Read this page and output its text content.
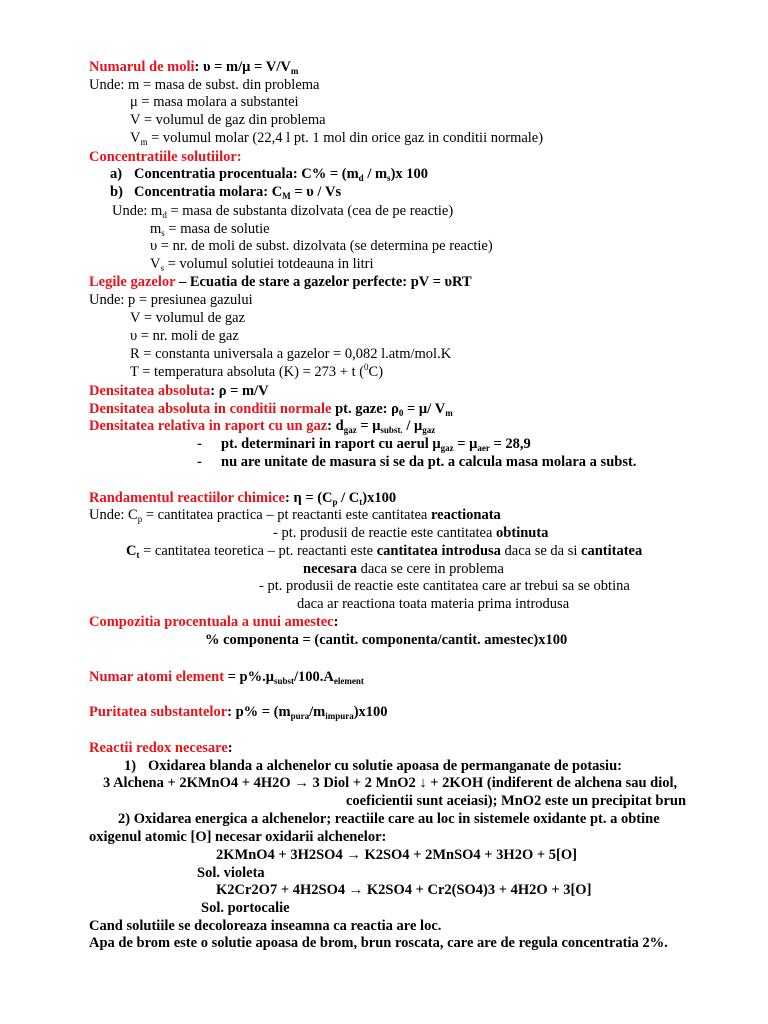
Numarul de moli: $\upsilon = m/\mu = V/V_m$
Unde: m = masa de subst. din problema
μ = masa molara a substantei
V = volumul de gaz din problema
$V_m$ = volumul molar (22,4 l pt. 1 mol din orice gaz in conditii normale)
Concentratiile solutiilor:
a) Concentratia procentuala: $C\% = (m_d / m_s)x$ 100
b) Concentratia molara: $C_M = \upsilon / Vs$
Unde: $m_d$ = masa de substanta dizolvata (cea de pe reactie)
$m_s$ = masa de solutie
υ = nr. de moli de subst. dizolvata (se determina pe reactie)
$V_s$ = volumul solutiei totdeauna in litri
Legile gazelor – Ecuatia de stare a gazelor perfecte: pV = υRT
Unde: p = presiunea gazului
V = volumul de gaz
υ = nr. moli de gaz
R = constanta universala a gazelor = 0,082 l.atm/mol.K
T = temperatura absoluta (K) = 273 + t ($^0$C)
Densitatea absoluta: ρ = m/V
Densitatea absoluta in conditii normale pt. gaze: $\rho_0 = \mu/$ $V_m$
Densitatea relativa in raport cu un gaz: $d_{gaz} = \mu_{subst.} / \mu_{gaz}$
- pt. determinari in raport cu aerul $\mu_{gaz} = \mu_{aer} = 28,9$
- nu are unitate de masura si se da pt. a calcula masa molara a subst.
Randamentul reactiilor chimice: $\eta = (C_p / C_t)x100$
Unde: $C_p$ = cantitatea practica – pt reactanti este cantitatea reactionata
- pt. produsii de reactie este cantitatea obtinuta
$C_t$ = cantitatea teoretica – pt. reactanti este cantitatea introdusa daca se da si cantitatea
necesara daca se cere in problema
- pt. produsii de reactie este cantitatea care ar trebui sa se obtina
daca ar reactiona toata materia prima introdusa
Compozitia procentuala a unui amestec:
% componenta = (cantit. componenta/cantit. amestec)x100
Numar atomi element = $p\%.\mu_{subst}/100.A_{element}$
Puritatea substantelor: $p\% = (m_{pura}/m_{impura})x100$
Reactii redox necesare:
1) Oxidarea blanda a alchenelor cu solutie apoasa de permanganate de potasiu:
3 Alchena + 2KMnO4 + 4H2O → 3 Diol + 2 MnO2 ↓ + 2KOH (indiferent de alchena sau diol,
coeficientii sunt aceiasi); MnO2 este un precipitat brun
2) Oxidarea energica a alchenelor; reactiile care au loc in sistemele oxidante pt. a obtine
oxigenul atomic [O] necesar oxidarii alchenelor:
2KMnO4 + 3H2SO4 → K2SO4 + 2MnSO4 + 3H2O + 5[O]
Sol. violeta
K2Cr2O7 + 4H2SO4 → K2SO4 + Cr2(SO4)3 + 4H2O + 3[O]
Sol. portocalie
Cand solutiile se decoloreaza inseamna ca reactia are loc.
Apa de brom este o solutie apoasa de brom, brun roscata, care are de regula concentratia 2%.
